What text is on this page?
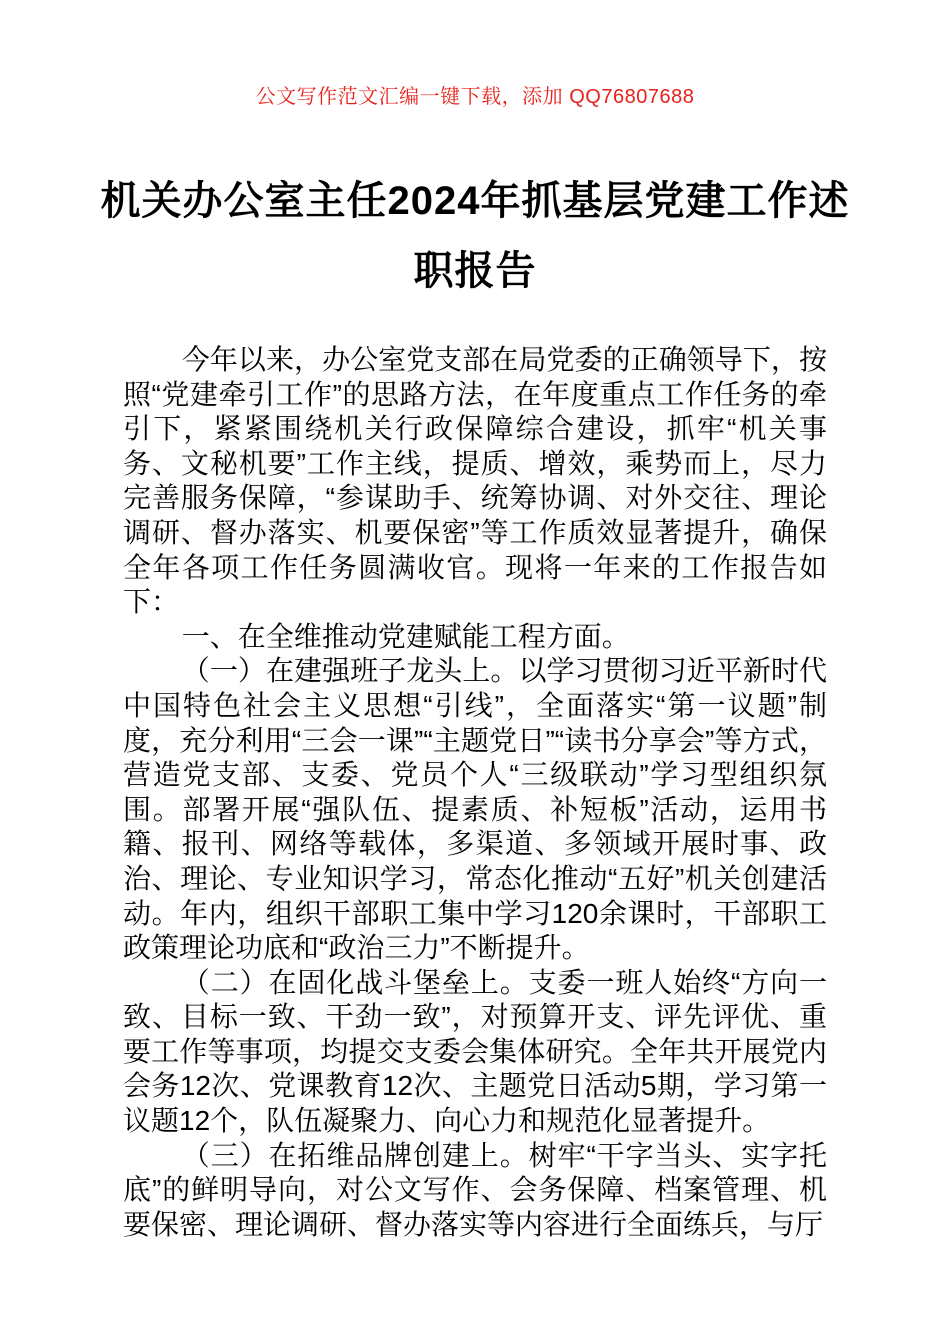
公文写作范文汇编一键下载，添加 QQ76807688
机关办公室主任2024年抓基层党建工作述
职报告

今年以来，办公室党支部在局党委的正确领导下，按照“党建牵引工作”的思路方法，在年度重点工作任务的牵引下，紧紧围绕机关行政保障综合建设，抓牢“机关事务、文秘机要”工作主线，提质、增效，乘势而上，尽力完善服务保障，“参谋助手、统筹协调、对外交往、理论调研、督办落实、机要保密”等工作质效显著提升，确保全年各项工作任务圆满收官。现将一年来的工作报告如下：

一、在全维推动党建赋能工程方面。

（一）在建强班子龙头上。以学习贯彻习近平新时代中国特色社会主义思想“引线”，全面落实“第一议题”制度，充分利用“三会一课”“主题党日”“读书分享会”等方式，营造党支部、支委、党员个人“三级联动”学习型组织氛围。部署开展“强队伍、提素质、补短板”活动，运用书籍、报刊、网络等载体，多渠道、多领域开展时事、政治、理论、专业知识学习，常态化推动“五好”机关创建活动。年内，组织干部职工集中学习120余课时，干部职工政策理论功底和“政治三力”不断提升。

（二）在固化战斗堡垒上。支委一班人始终“方向一致、目标一致、干劲一致”，对预算开支、评先评优、重要工作等事项，均提交支委会集体研究。全年共开展党内会务12次、党课教育12次、主题党日活动5期，学习第一议题12个，队伍凝聚力、向心力和规范化显著提升。

（三）在拓维品牌创建上。树牢“干字当头、实字托底”的鲜明导向，对公文写作、会务保障、档案管理、机要保密、理论调研、督办落实等内容进行全面练兵，与厅
